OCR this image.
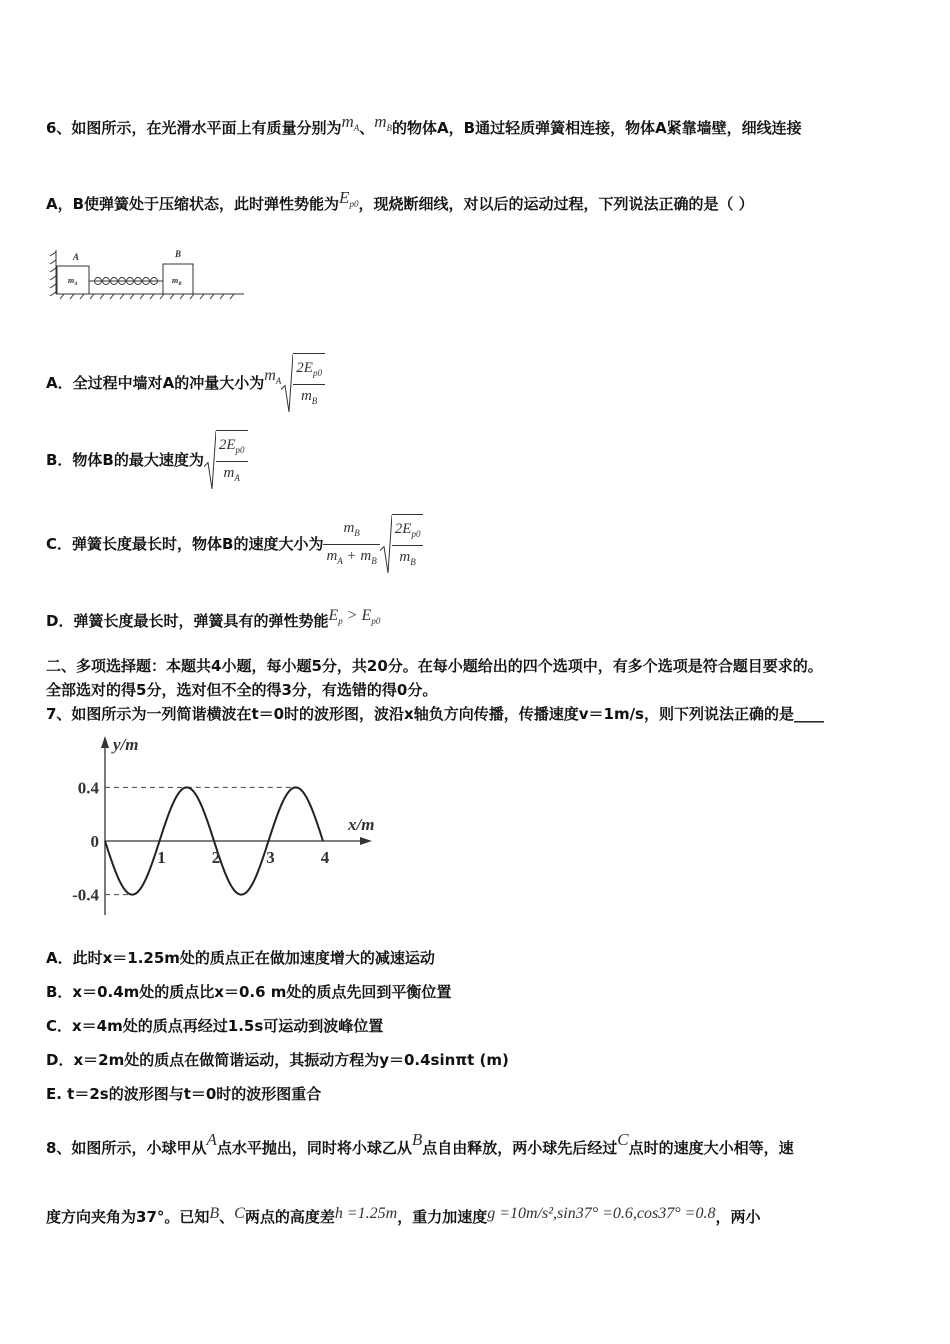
6、如图所示，在光滑水平面上有质量分别为$m_A$、$m_B$的物体A，B通过轻质弹簧相连接，物体A紧靠墙壁，细线连接
A，B使弹簧处于压缩状态，此时弹性势能为$E_{p0}$，现烧断细线，对以后的运动过程，下列说法正确的是（ ）
A	B
$m_A$	$m_B$
A．全过程中墙对A的冲量大小为$m_A \frac{2E_{p0}}{m_B}$
B．物体B的最大速度为 $\frac{2E_{p0}}{m_A}$
C．弹簧长度最长时，物体B的速度大小为 $\frac{m_B}{m_A + m_B} \frac{2E_{p0}}{m_B}$
D．弹簧长度最长时，弹簧具有的弹性势能$E_p > E_{p0}$
二、多项选择题：本题共4小题，每小题5分，共20分。在每小题给出的四个选项中，有多个选项是符合题目要求的。
全部选对的得5分，选对但不全的得3分，有选错的得0分。
7、如图所示为一列简谐横波在t＝0时的波形图，波沿x轴负方向传播，传播速度v＝1m/s，则下列说法正确的是____
y/m
x/m
0.4
0
-0.4
1	2	3	4
A．此时x＝1.25m处的质点正在做加速度增大的减速运动
B．x＝0.4m处的质点比x＝0.6 m处的质点先回到平衡位置
C．x＝4m处的质点再经过1.5s可运动到波峰位置
D．x＝2m处的质点在做简谐运动，其振动方程为y＝0.4sinπt (m)
E. t＝2s的波形图与t＝0时的波形图重合
8、如图所示，小球甲从A点水平抛出，同时将小球乙从B点自由释放，两小球先后经过C点时的速度大小相等，速
度方向夹角为37°。已知B、C两点的高度差h =1.25m，重力加速度g =10m/s²,sin37° =0.6,cos37° =0.8，两小
